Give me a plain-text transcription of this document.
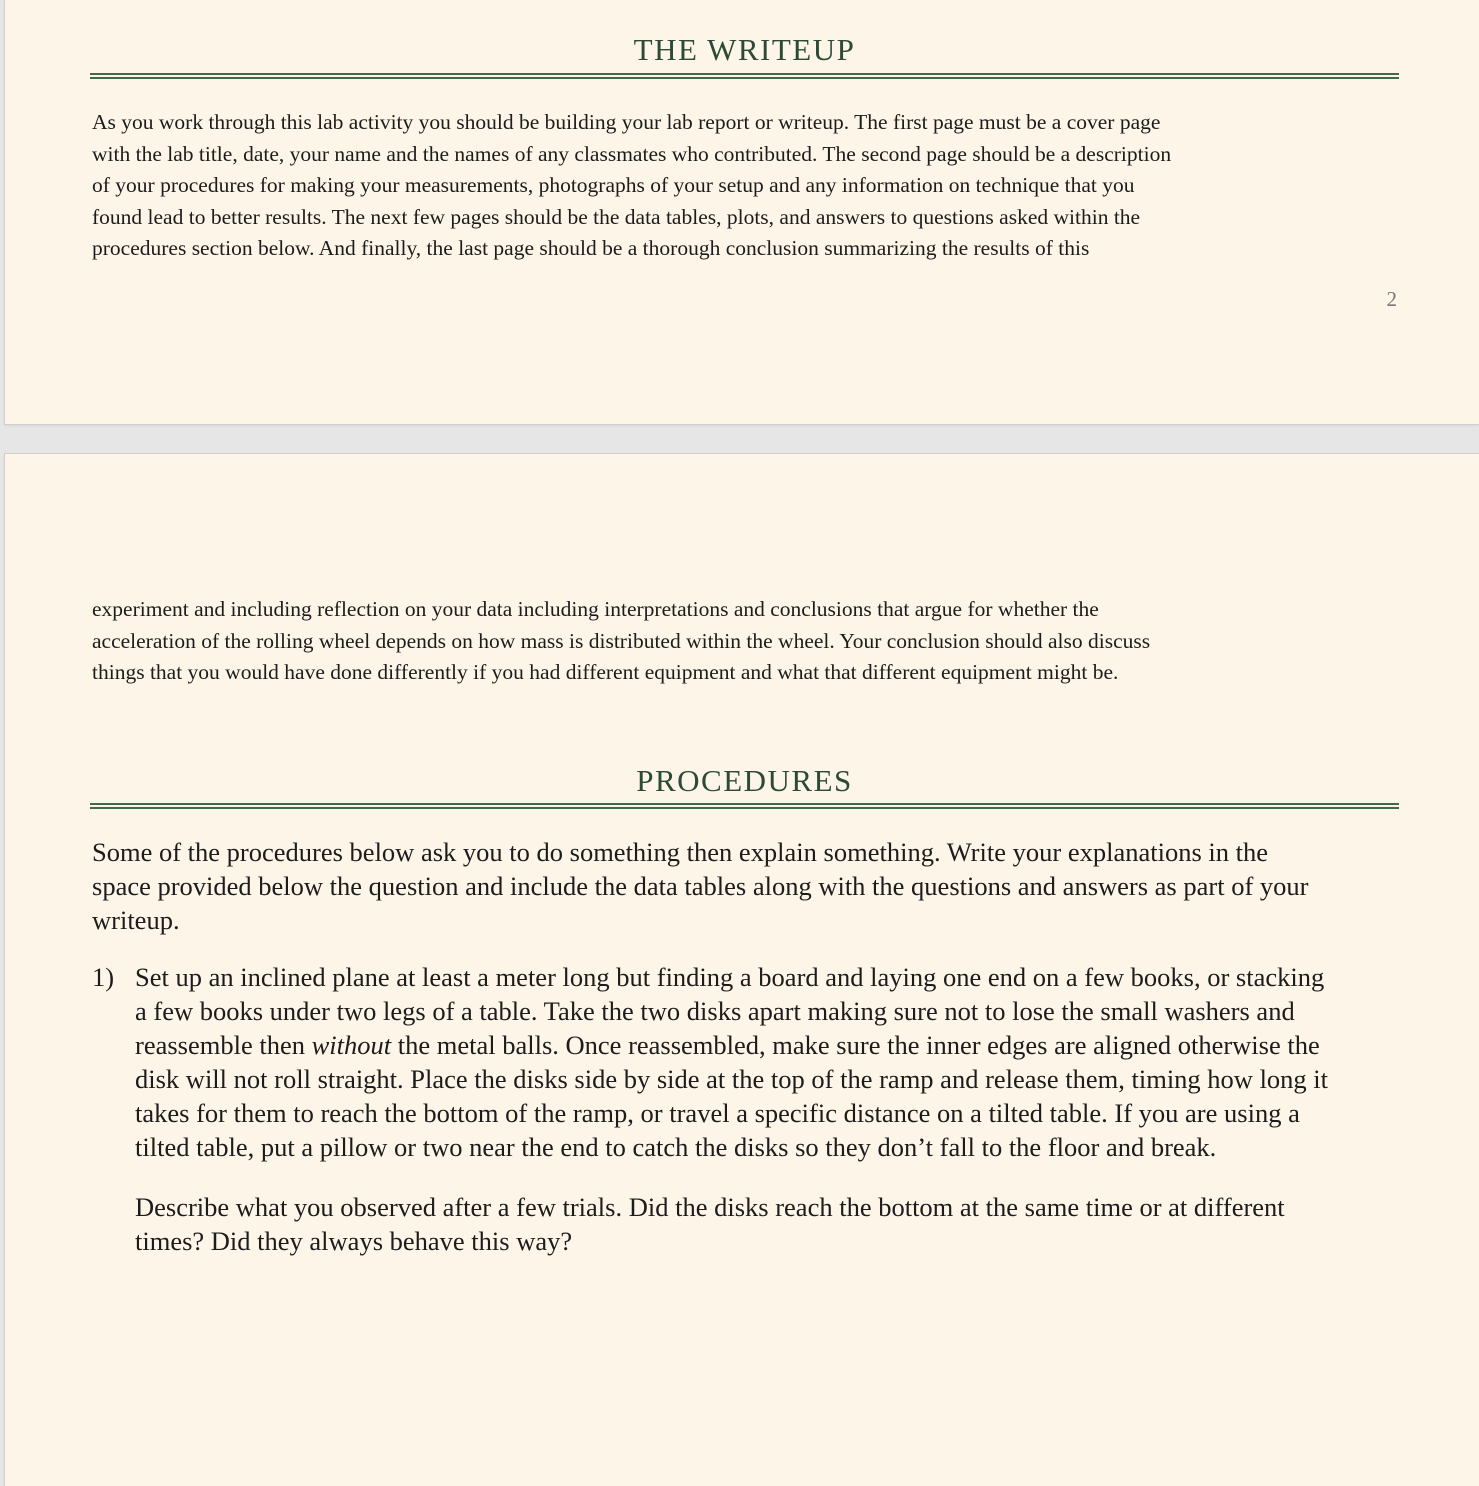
THE WRITEUP

As you work through this lab activity you should be building your lab report or writeup. The first page must be a cover page
with the lab title, date, your name and the names of any classmates who contributed. The second page should be a description
of your procedures for making your measurements, photographs of your setup and any information on technique that you
found lead to better results. The next few pages should be the data tables, plots, and answers to questions asked within the
procedures section below. And finally, the last page should be a thorough conclusion summarizing the results of this

2

experiment and including reflection on your data including interpretations and conclusions that argue for whether the
acceleration of the rolling wheel depends on how mass is distributed within the wheel. Your conclusion should also discuss
things that you would have done differently if you had different equipment and what that different equipment might be.

PROCEDURES

Some of the procedures below ask you to do something then explain something. Write your explanations in the
space provided below the question and include the data tables along with the questions and answers as part of your
writeup.

1) Set up an inclined plane at least a meter long but finding a board and laying one end on a few books, or stacking
a few books under two legs of a table. Take the two disks apart making sure not to lose the small washers and
reassemble then without the metal balls. Once reassembled, make sure the inner edges are aligned otherwise the
disk will not roll straight. Place the disks side by side at the top of the ramp and release them, timing how long it
takes for them to reach the bottom of the ramp, or travel a specific distance on a tilted table. If you are using a
tilted table, put a pillow or two near the end to catch the disks so they don’t fall to the floor and break.

Describe what you observed after a few trials. Did the disks reach the bottom at the same time or at different
times? Did they always behave this way?
